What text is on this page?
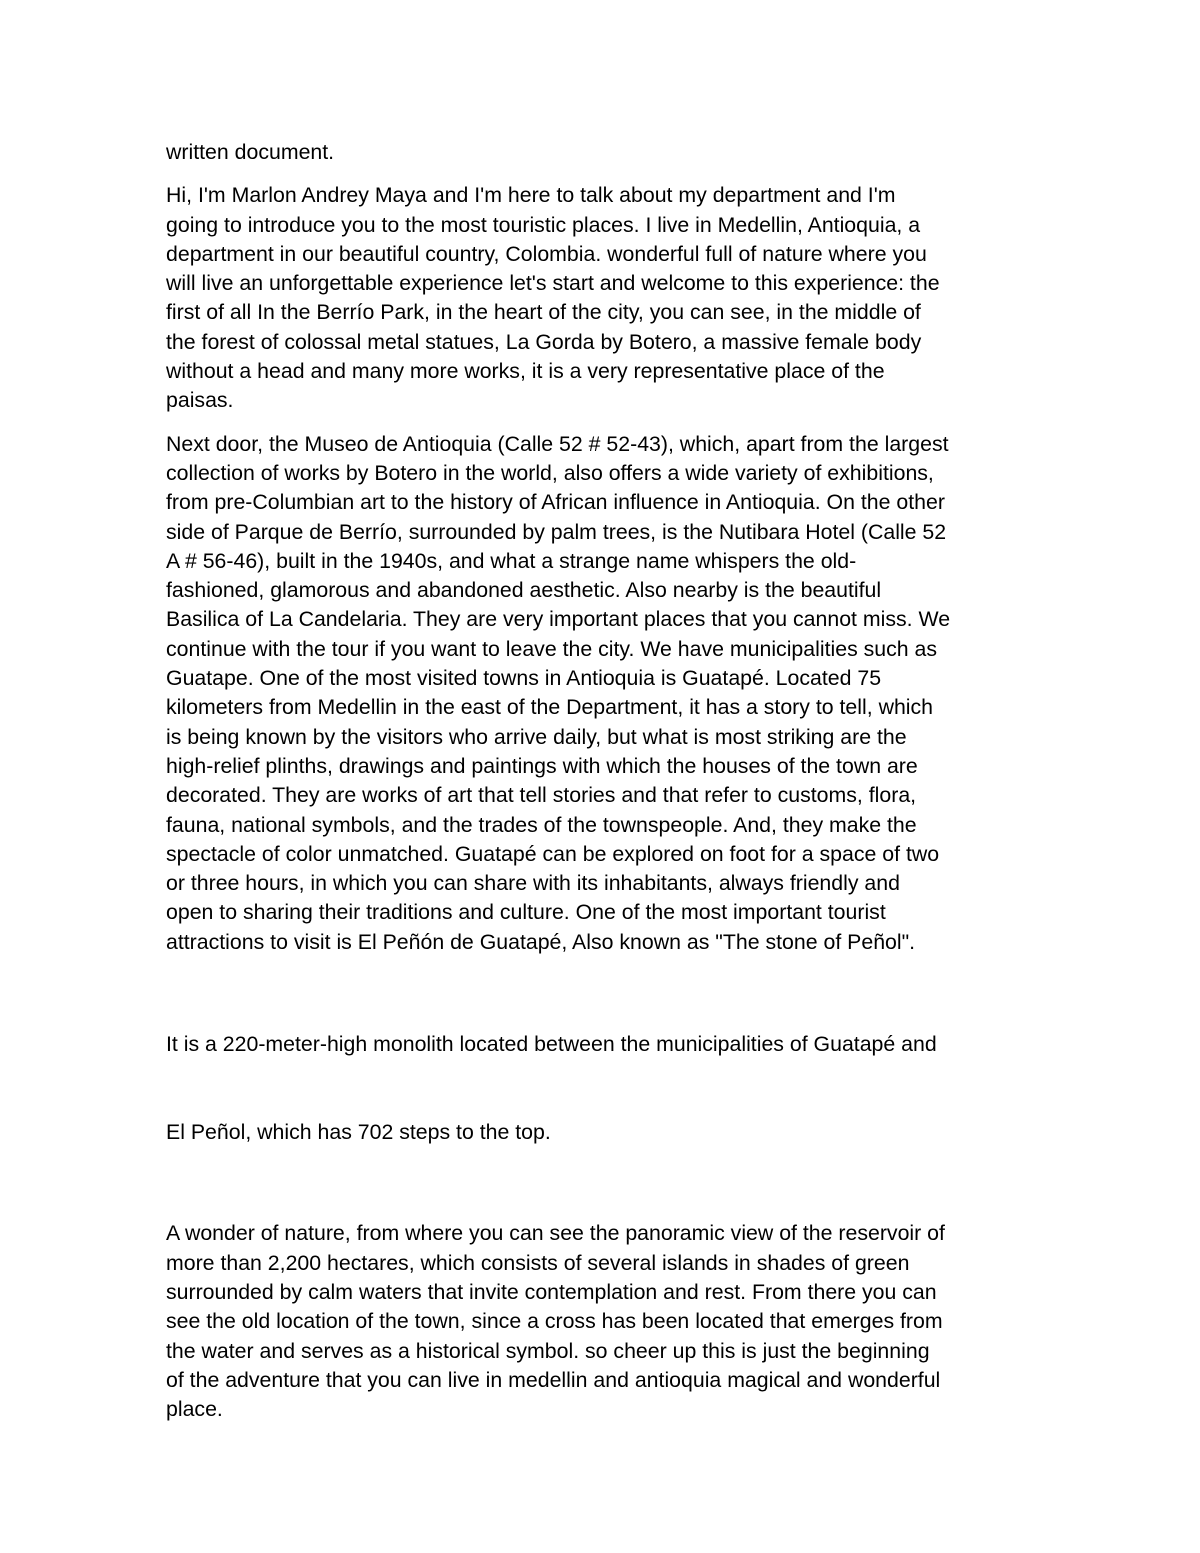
written document.

Hi, I'm Marlon Andrey Maya and I'm here to talk about my department and I'm
going to introduce you to the most touristic places. I live in Medellin, Antioquia, a
department in our beautiful country, Colombia. wonderful full of nature where you
will live an unforgettable experience let's start and welcome to this experience: the
first of all In the Berrío Park, in the heart of the city, you can see, in the middle of
the forest of colossal metal statues, La Gorda by Botero, a massive female body
without a head and many more works, it is a very representative place of the
paisas.

Next door, the Museo de Antioquia (Calle 52 # 52-43), which, apart from the largest
collection of works by Botero in the world, also offers a wide variety of exhibitions,
from pre-Columbian art to the history of African influence in Antioquia. On the other
side of Parque de Berrío, surrounded by palm trees, is the Nutibara Hotel (Calle 52
A # 56-46), built in the 1940s, and what a strange name whispers the old-
fashioned, glamorous and abandoned aesthetic. Also nearby is the beautiful
Basilica of La Candelaria. They are very important places that you cannot miss. We
continue with the tour if you want to leave the city. We have municipalities such as
Guatape. One of the most visited towns in Antioquia is Guatapé. Located 75
kilometers from Medellin in the east of the Department, it has a story to tell, which
is being known by the visitors who arrive daily, but what is most striking are the
high-relief plinths, drawings and paintings with which the houses of the town are
decorated. They are works of art that tell stories and that refer to customs, flora,
fauna, national symbols, and the trades of the townspeople. And, they make the
spectacle of color unmatched. Guatapé can be explored on foot for a space of two
or three hours, in which you can share with its inhabitants, always friendly and
open to sharing their traditions and culture. One of the most important tourist
attractions to visit is El Peñón de Guatapé, Also known as "The stone of Peñol".

It is a 220-meter-high monolith located between the municipalities of Guatapé and

El Peñol, which has 702 steps to the top.

A wonder of nature, from where you can see the panoramic view of the reservoir of
more than 2,200 hectares, which consists of several islands in shades of green
surrounded by calm waters that invite contemplation and rest. From there you can
see the old location of the town, since a cross has been located that emerges from
the water and serves as a historical symbol. so cheer up this is just the beginning
of the adventure that you can live in medellin and antioquia magical and wonderful
place.
